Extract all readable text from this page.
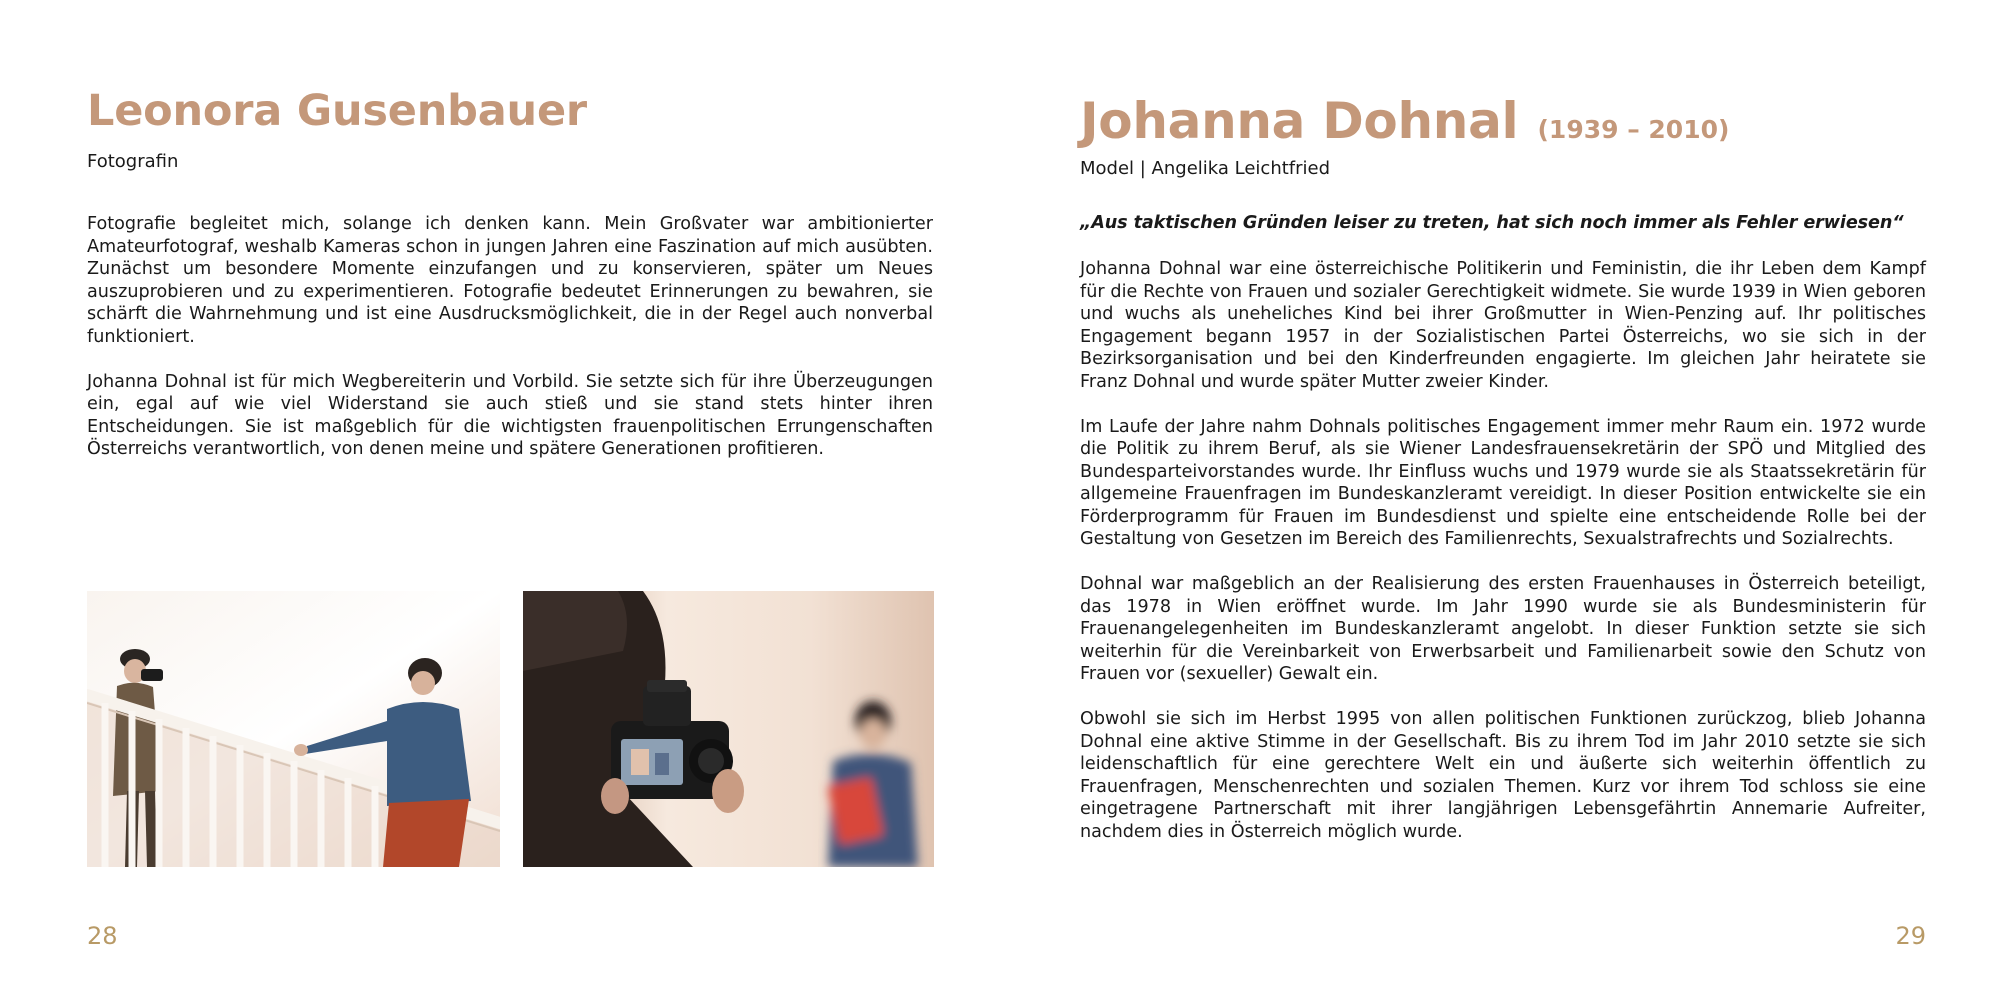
Leonora Gusenbauer
Fotografin

Fotografie begleitet mich, solange ich denken kann. Mein Großvater war ambitionierter Amateurfotograf, weshalb Kameras schon in jungen Jahren eine Faszination auf mich ausübten. Zunächst um besondere Momente einzufangen und zu konservieren, später um Neues auszuprobieren und zu experimentieren. Fotografie bedeutet Erinnerungen zu bewahren, sie schärft die Wahrnehmung und ist eine Ausdrucksmöglichkeit, die in der Regel auch nonverbal funktioniert.

Johanna Dohnal ist für mich Wegbereiterin und Vorbild. Sie setzte sich für ihre Überzeugungen ein, egal auf wie viel Widerstand sie auch stieß und sie stand stets hinter ihren Entscheidungen. Sie ist maßgeblich für die wichtigsten frauenpolitischen Errungenschaften Österreichs verantwortlich, von denen meine und spätere Generationen profitieren.

28
Johanna Dohnal (1939 – 2010)
Model | Angelika Leichtfried
„Aus taktischen Gründen leiser zu treten, hat sich noch immer als Fehler erwiesen“

Johanna Dohnal war eine österreichische Politikerin und Feministin, die ihr Leben dem Kampf für die Rechte von Frauen und sozialer Gerechtigkeit widmete. Sie wurde 1939 in Wien geboren und wuchs als uneheliches Kind bei ihrer Großmutter in Wien-Penzing auf. Ihr politisches Engagement begann 1957 in der Sozialistischen Partei Österreichs, wo sie sich in der Bezirksorganisation und bei den Kinderfreunden engagierte. Im gleichen Jahr heiratete sie Franz Dohnal und wurde später Mutter zweier Kinder.

Im Laufe der Jahre nahm Dohnals politisches Engagement immer mehr Raum ein. 1972 wurde die Politik zu ihrem Beruf, als sie Wiener Landesfrauensekretärin der SPÖ und Mitglied des Bundesparteivorstandes wurde. Ihr Einfluss wuchs und 1979 wurde sie als Staatssekretärin für allgemeine Frauenfragen im Bundeskanzleramt vereidigt. In dieser Position entwickelte sie ein Förderprogramm für Frauen im Bundesdienst und spielte eine entscheidende Rolle bei der Gestaltung von Gesetzen im Bereich des Familienrechts, Sexualstrafrechts und Sozialrechts.

Dohnal war maßgeblich an der Realisierung des ersten Frauenhauses in Österreich beteiligt, das 1978 in Wien eröffnet wurde. Im Jahr 1990 wurde sie als Bundesministerin für Frauenangelegenheiten im Bundeskanzleramt angelobt. In dieser Funktion setzte sie sich weiterhin für die Vereinbarkeit von Erwerbsarbeit und Familienarbeit sowie den Schutz von Frauen vor (sexueller) Gewalt ein.

Obwohl sie sich im Herbst 1995 von allen politischen Funktionen zurückzog, blieb Johanna Dohnal eine aktive Stimme in der Gesellschaft. Bis zu ihrem Tod im Jahr 2010 setzte sie sich leidenschaftlich für eine gerechtere Welt ein und äußerte sich weiterhin öffentlich zu Frauenfragen, Menschenrechten und sozialen Themen. Kurz vor ihrem Tod schloss sie eine eingetragene Partnerschaft mit ihrer langjährigen Lebensgefährtin Annemarie Aufreiter, nachdem dies in Österreich möglich wurde.

29
